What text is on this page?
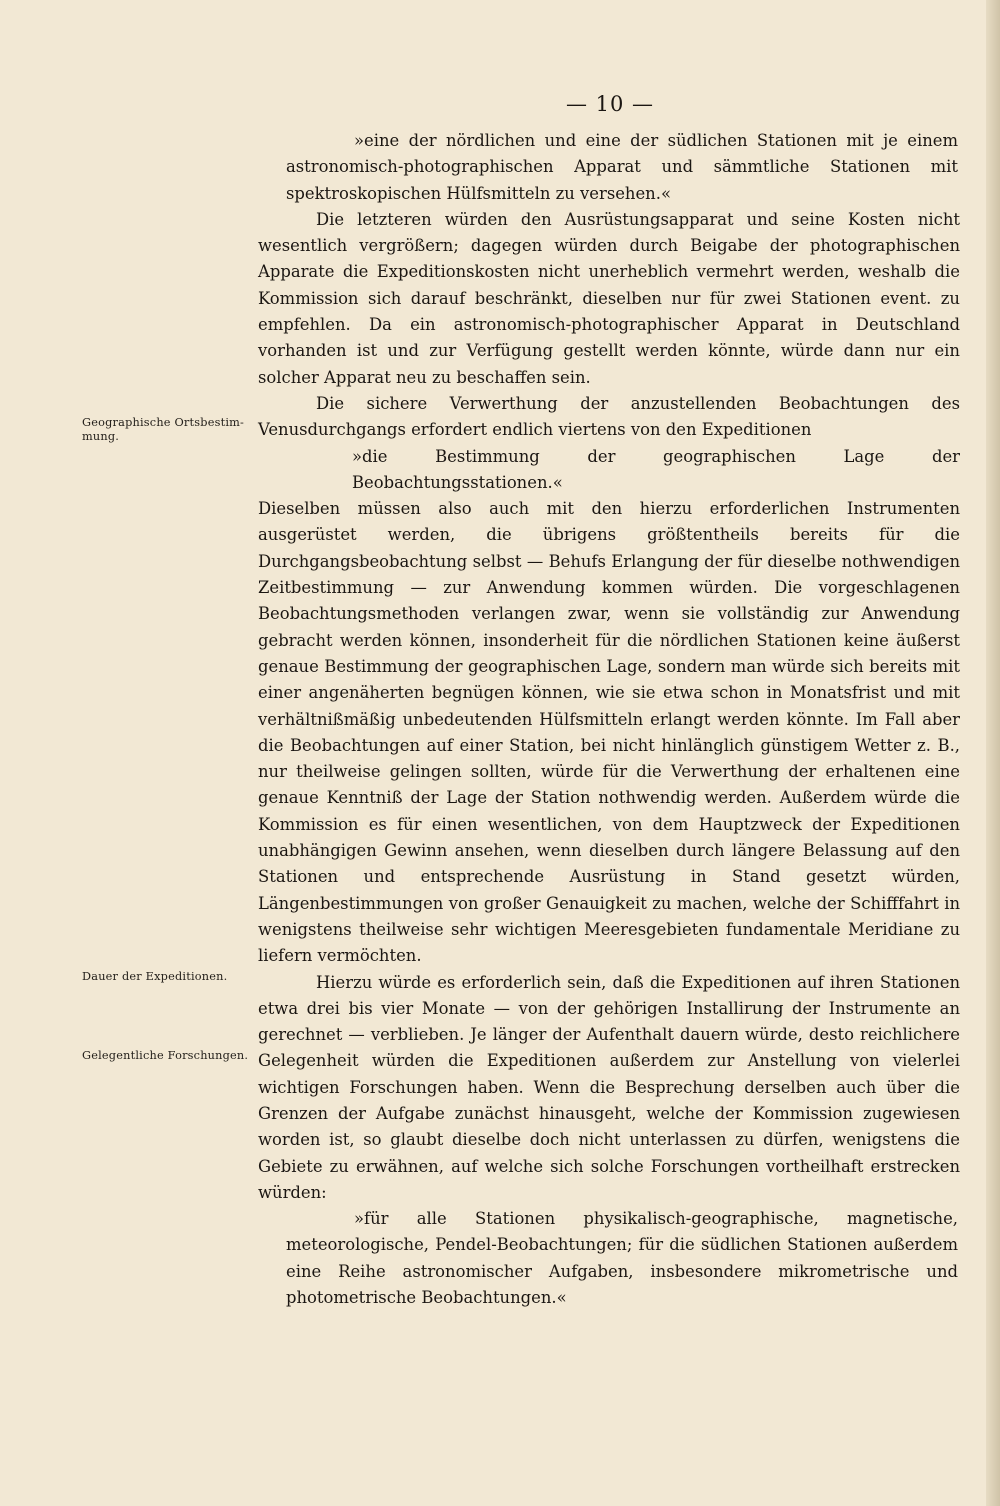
— 10 —
Geographische Ortsbestim-mung.
Dauer der Expeditionen.
Gelegentliche Forschungen.

»eine der nördlichen und eine der südlichen Stationen mit je einem astronomisch-photographischen Apparat und sämmtliche Stationen mit spektroskopischen Hülfsmitteln zu versehen.«

Die letzteren würden den Ausrüstungsapparat und seine Kosten nicht wesentlich vergrößern; dagegen würden durch Beigabe der photographischen Apparate die Expeditionskosten nicht unerheblich vermehrt werden, weshalb die Kommission sich darauf beschränkt, dieselben nur für zwei Stationen event. zu empfehlen. Da ein astronomisch-photographischer Apparat in Deutschland vorhanden ist und zur Verfügung gestellt werden könnte, würde dann nur ein solcher Apparat neu zu beschaffen sein.

Die sichere Verwerthung der anzustellenden Beobachtungen des Venusdurchgangs erfordert endlich viertens von den Expeditionen

»die Bestimmung der geographischen Lage der Beobachtungsstationen.«

Dieselben müssen also auch mit den hierzu erforderlichen Instrumenten ausgerüstet werden, die übrigens größtentheils bereits für die Durchgangsbeobachtung selbst — Behufs Erlangung der für dieselbe nothwendigen Zeitbestimmung — zur Anwendung kommen würden. Die vorgeschlagenen Beobachtungsmethoden verlangen zwar, wenn sie vollständig zur Anwendung gebracht werden können, insonderheit für die nördlichen Stationen keine äußerst genaue Bestimmung der geographischen Lage, sondern man würde sich bereits mit einer angenäherten begnügen können, wie sie etwa schon in Monatsfrist und mit verhältnißmäßig unbedeutenden Hülfsmitteln erlangt werden könnte. Im Fall aber die Beobachtungen auf einer Station, bei nicht hinlänglich günstigem Wetter z. B., nur theilweise gelingen sollten, würde für die Verwerthung der erhaltenen eine genaue Kenntniß der Lage der Station nothwendig werden. Außerdem würde die Kommission es für einen wesentlichen, von dem Hauptzweck der Expeditionen unabhängigen Gewinn ansehen, wenn dieselben durch längere Belassung auf den Stationen und entsprechende Ausrüstung in Stand gesetzt würden, Längenbestimmungen von großer Genauigkeit zu machen, welche der Schifffahrt in wenigstens theilweise sehr wichtigen Meeresgebieten fundamentale Meridiane zu liefern vermöchten.

Hierzu würde es erforderlich sein, daß die Expeditionen auf ihren Stationen etwa drei bis vier Monate — von der gehörigen Installirung der Instrumente an gerechnet — verblieben. Je länger der Aufenthalt dauern würde, desto reichlichere Gelegenheit würden die Expeditionen außerdem zur Anstellung von vielerlei wichtigen Forschungen haben. Wenn die Besprechung derselben auch über die Grenzen der Aufgabe zunächst hinausgeht, welche der Kommission zugewiesen worden ist, so glaubt dieselbe doch nicht unterlassen zu dürfen, wenigstens die Gebiete zu erwähnen, auf welche sich solche Forschungen vortheilhaft erstrecken würden:

»für alle Stationen physikalisch-geographische, magnetische, meteorologische, Pendel-Beobachtungen; für die südlichen Stationen außerdem eine Reihe astronomischer Aufgaben, insbesondere mikrometrische und photometrische Beobachtungen.«
